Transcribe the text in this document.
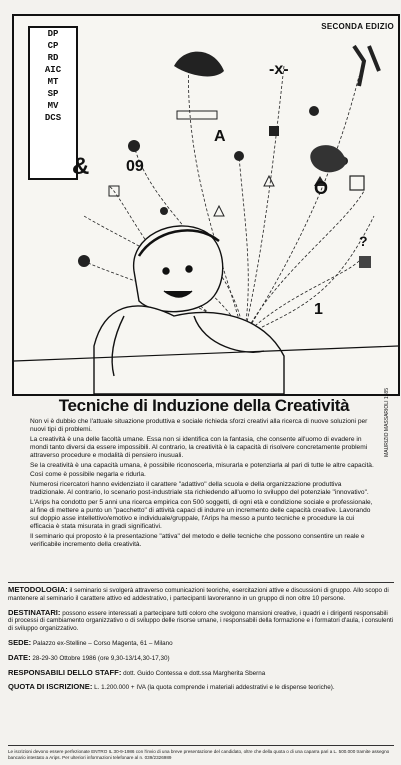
SECONDA EDIZIO
DP
CP
RD
AIC
MT
SP
MV
DCS
09
&
A
O
1
?
-x-
MAURIZIO MASSARIOLI 1985
Tecniche di Induzione della Creatività

Non vi è dubbio che l'attuale situazione produttiva e sociale richieda sforzi creativi alla ricerca di nuove soluzioni per nuovi tipi di problemi.

La creatività è una delle facoltà umane. Essa non si identifica con la fantasia, che consente all'uomo di evadere in mondi tanto diversi da essere impossibili. Al contrario, la creatività è la capacità di risolvere concretamente problemi attraverso procedure e modalità di pensiero inusuali.

Se la creatività è una capacità umana, è possibile riconoscerla, misurarla e potenziarla al pari di tutte le altre capacità. Così come è possibile negarla e ridurla.

Numerosi ricercatori hanno evidenziato il carattere "adattivo" della scuola e della organizzazione produttiva tradizionale. Al contrario, lo scenario post-industriale sta richiedendo all'uomo lo sviluppo del potenziale "innovativo".

L'Arips ha condotto per 5 anni una ricerca empirica con 500 soggetti, di ogni età e condizione sociale e professionale, al fine di mettere a punto un "pacchetto" di attività capaci di indurre un incremento delle capacità creative. Lavorando sul doppio asse intellettivo/emotivo e individuale/gruppale, l'Arips ha messo a punto tecniche e procedure la cui efficacia è stata misurata in gradi significativi.

Il seminario qui proposto è la presentazione "attiva" del metodo e delle tecniche che possono consentire un reale e verificabile incremento della creatività.

METODOLOGIA: il seminario si svolgerà attraverso comunicazioni teoriche, esercitazioni attive e discussioni di gruppo. Allo scopo di mantenere al seminario il carattere attivo ed addestrativo, i partecipanti lavoreranno in un gruppo di non oltre 10 persone.
DESTINATARI: possono essere interessati a partecipare tutti coloro che svolgono mansioni creative, i quadri e i dirigenti responsabili di processi di cambiamento organizzativo o di sviluppo delle risorse umane, i responsabili della formazione e i formatori d'aula, i consulenti di sviluppo organizzativo.
SEDE: Palazzo ex-Stelline – Corso Magenta, 61 – Milano
DATE: 28-29-30 Ottobre 1986 (ore 9,30-13/14,30-17,30)
RESPONSABILI DELLO STAFF: dott. Guido Contessa e dott.ssa Margherita Sberna
QUOTA DI ISCRIZIONE: L. 1.200.000 + IVA (la quota comprende i materiali addestrativi e le dispense teoriche).
Le iscrizioni devono essere perfezionate ENTRO IL 30-9-1986 con l'invio di una breve presentazione del candidato, oltre che della quota o di una caparra pari a L. 500.000 tramite assegno bancario intestato a Arips. Per ulteriori informazioni telefonare al n. 039/2326989
